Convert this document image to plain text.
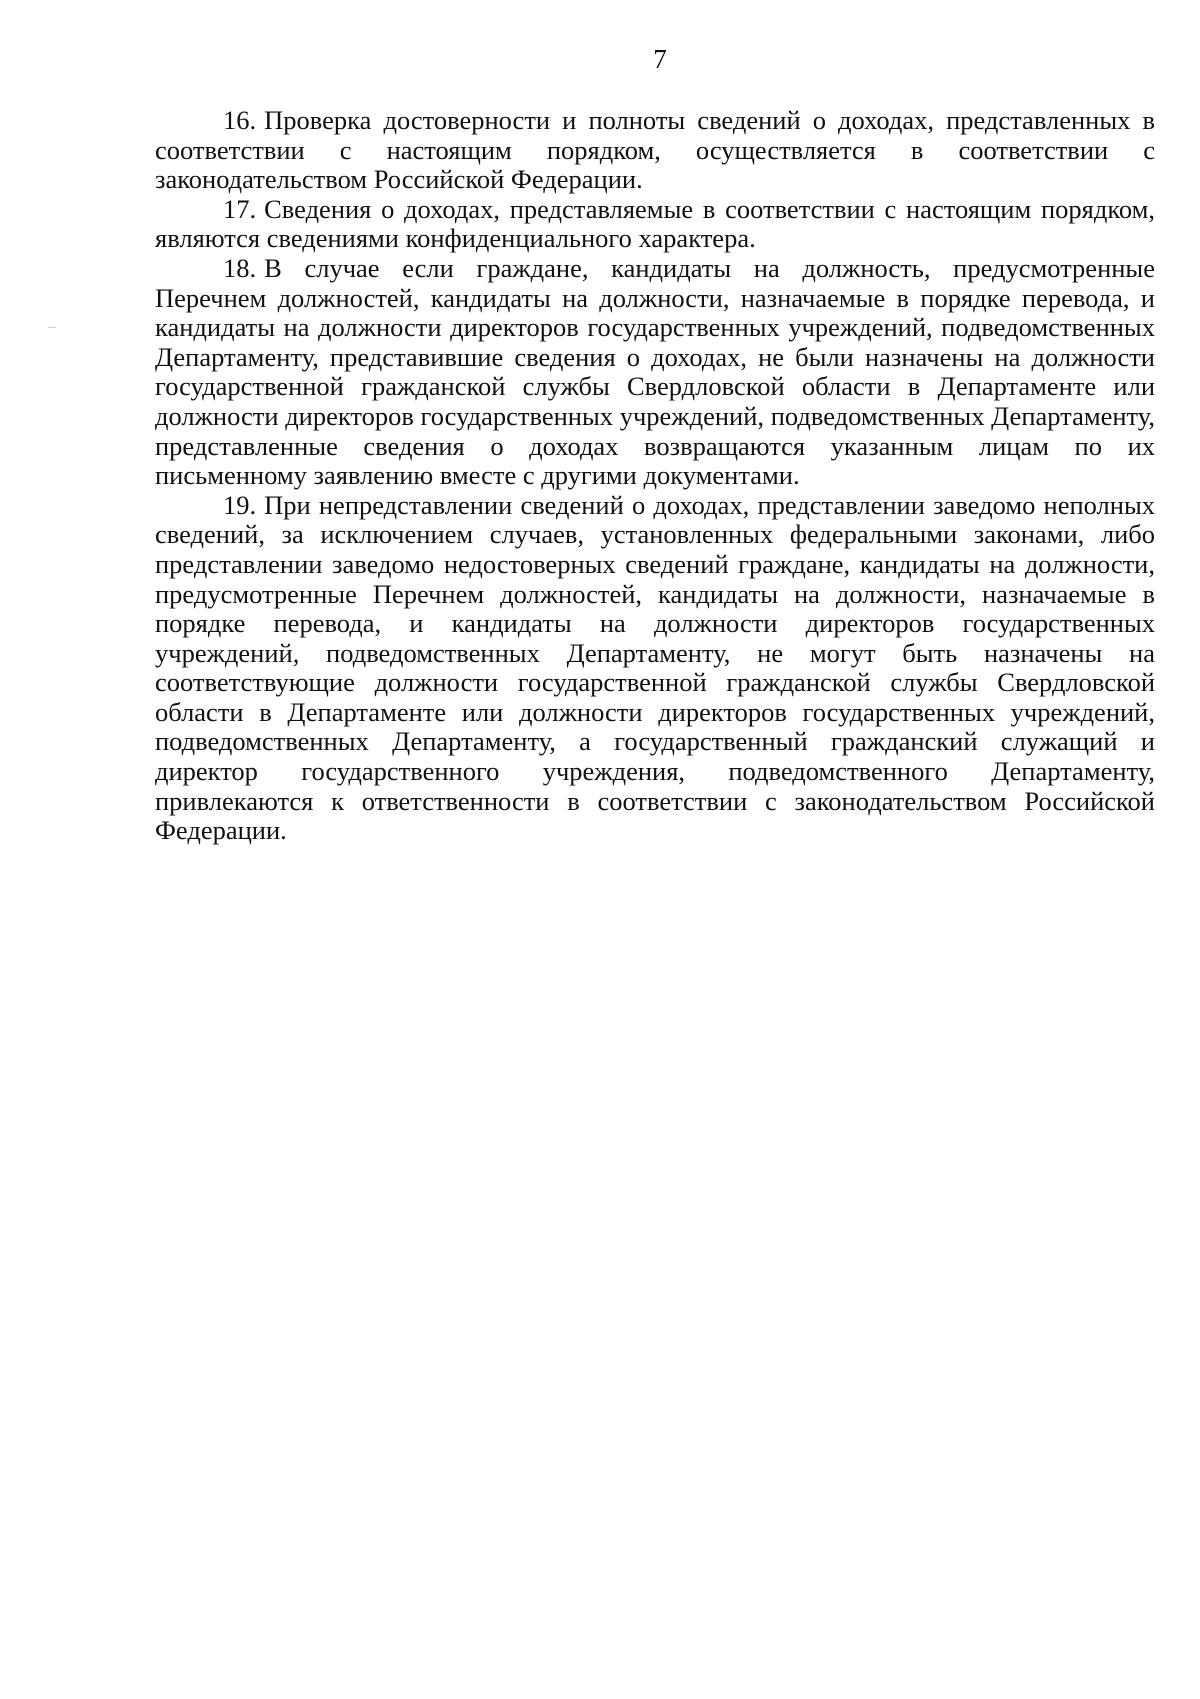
7

16. Проверка достоверности и полноты сведений о доходах, представленных в соответствии с настоящим порядком, осуществляется в соответствии с законодательством Российской Федерации.

17. Сведения о доходах, представляемые в соответствии с настоящим порядком, являются сведениями конфиденциального характера.

18. В случае если граждане, кандидаты на должность, предусмотренные Перечнем должностей, кандидаты на должности, назначаемые в порядке перевода, и кандидаты на должности директоров государственных учреждений, подведомственных Департаменту, представившие сведения о доходах, не были назначены на должности государственной гражданской службы Свердловской области в Департаменте или должности директоров государственных учреждений, подведомственных Департаменту, представленные сведения о доходах возвращаются указанным лицам по их письменному заявлению вместе с другими документами.

19. При непредставлении сведений о доходах, представлении заведомо неполных сведений, за исключением случаев, установленных федеральными законами, либо представлении заведомо недостоверных сведений граждане, кандидаты на должности, предусмотренные Перечнем должностей, кандидаты на должности, назначаемые в порядке перевода, и кандидаты на должности директоров государственных учреждений, подведомственных Департаменту, не могут быть назначены на соответствующие должности государственной гражданской службы Свердловской области в Департаменте или должности директоров государственных учреждений, подведомственных Департаменту, а государственный гражданский служащий и директор государственного учреждения, подведомственного Департаменту, привлекаются к ответственности в соответствии с законодательством Российской Федерации.
